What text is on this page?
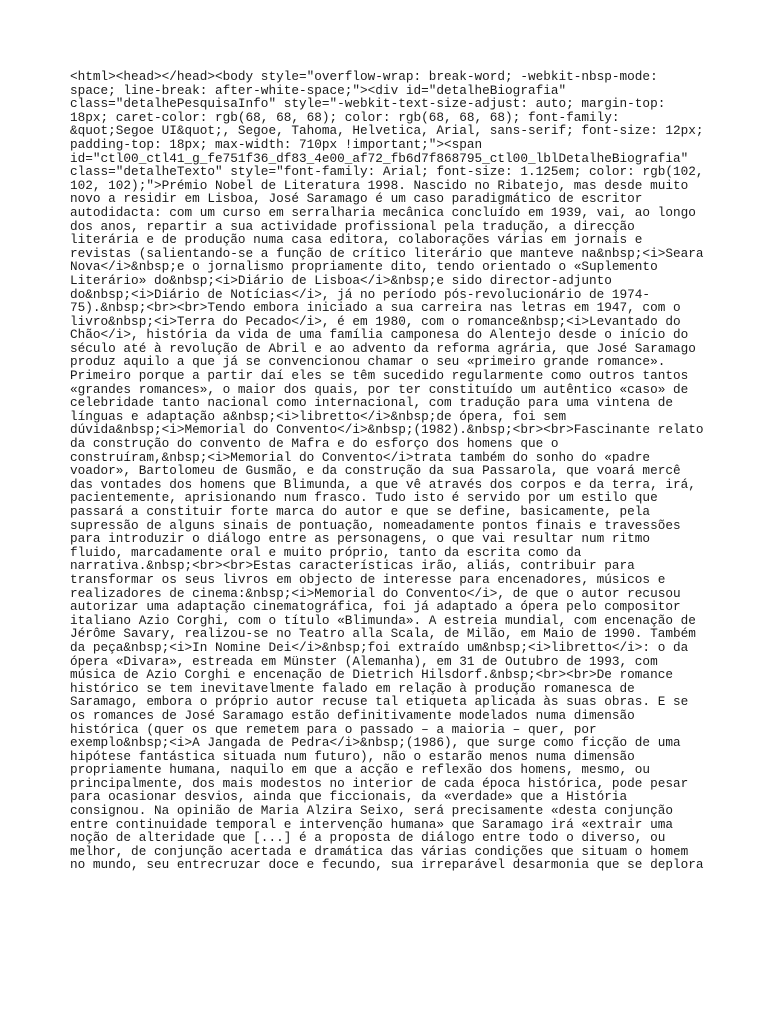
<html><head></head><body style="overflow-wrap: break-word; -webkit-nbsp-mode:
space; line-break: after-white-space;"><div id="detalheBiografia"
class="detalhePesquisaInfo" style="-webkit-text-size-adjust: auto; margin-top:
18px; caret-color: rgb(68, 68, 68); color: rgb(68, 68, 68); font-family:
&quot;Segoe UI&quot;, Segoe, Tahoma, Helvetica, Arial, sans-serif; font-size: 12px;
padding-top: 18px; max-width: 710px !important;"><span
id="ctl00_ctl41_g_fe751f36_df83_4e00_af72_fb6d7f868795_ctl00_lblDetalheBiografia"
class="detalheTexto" style="font-family: Arial; font-size: 1.125em; color: rgb(102,
102, 102);">Prémio Nobel de Literatura 1998. Nascido no Ribatejo, mas desde muito
novo a residir em Lisboa, José Saramago é um caso paradigmático de escritor
autodidacta: com um curso em serralharia mecânica concluído em 1939, vai, ao longo
dos anos, repartir a sua actividade profissional pela tradução, a direcção
literária e de produção numa casa editora, colaborações várias em jornais e
revistas (salientando-se a função de crítico literário que manteve na&nbsp;<i>Seara
Nova</i>&nbsp;e o jornalismo propriamente dito, tendo orientado o «Suplemento
Literário» do&nbsp;<i>Diário de Lisboa</i>&nbsp;e sido director-adjunto
do&nbsp;<i>Diário de Notícias</i>, já no período pós-revolucionário de 1974-
75).&nbsp;<br><br>Tendo embora iniciado a sua carreira nas letras em 1947, com o
livro&nbsp;<i>Terra do Pecado</i>, é em 1980, com o romance&nbsp;<i>Levantado do
Chão</i>, história da vida de uma família camponesa do Alentejo desde o início do
século até à revolução de Abril e ao advento da reforma agrária, que José Saramago
produz aquilo a que já se convencionou chamar o seu «primeiro grande romance».
Primeiro porque a partir daí eles se têm sucedido regularmente como outros tantos
«grandes romances», o maior dos quais, por ter constituído um autêntico «caso» de
celebridade tanto nacional como internacional, com tradução para uma vintena de
línguas e adaptação a&nbsp;<i>libretto</i>&nbsp;de ópera, foi sem
dúvida&nbsp;<i>Memorial do Convento</i>&nbsp;(1982).&nbsp;<br><br>Fascinante relato
da construção do convento de Mafra e do esforço dos homens que o
construíram,&nbsp;<i>Memorial do Convento</i>trata também do sonho do «padre
voador», Bartolomeu de Gusmão, e da construção da sua Passarola, que voará mercê
das vontades dos homens que Blimunda, a que vê através dos corpos e da terra, irá,
pacientemente, aprisionando num frasco. Tudo isto é servido por um estilo que
passará a constituir forte marca do autor e que se define, basicamente, pela
supressão de alguns sinais de pontuação, nomeadamente pontos finais e travessões
para introduzir o diálogo entre as personagens, o que vai resultar num ritmo
fluido, marcadamente oral e muito próprio, tanto da escrita como da
narrativa.&nbsp;<br><br>Estas características irão, aliás, contribuir para
transformar os seus livros em objecto de interesse para encenadores, músicos e
realizadores de cinema:&nbsp;<i>Memorial do Convento</i>, de que o autor recusou
autorizar uma adaptação cinematográfica, foi já adaptado a ópera pelo compositor
italiano Azio Corghi, com o título «Blimunda». A estreia mundial, com encenação de
Jérôme Savary, realizou-se no Teatro alla Scala, de Milão, em Maio de 1990. Também
da peça&nbsp;<i>In Nomine Dei</i>&nbsp;foi extraído um&nbsp;<i>libretto</i>: o da
ópera «Divara», estreada em Münster (Alemanha), em 31 de Outubro de 1993, com
música de Azio Corghi e encenação de Dietrich Hilsdorf.&nbsp;<br><br>De romance
histórico se tem inevitavelmente falado em relação à produção romanesca de
Saramago, embora o próprio autor recuse tal etiqueta aplicada às suas obras. E se
os romances de José Saramago estão definitivamente modelados numa dimensão
histórica (quer os que remetem para o passado – a maioria – quer, por
exemplo&nbsp;<i>A Jangada de Pedra</i>&nbsp;(1986), que surge como ficção de uma
hipótese fantástica situada num futuro), não o estarão menos numa dimensão
propriamente humana, naquilo em que a acção e reflexão dos homens, mesmo, ou
principalmente, dos mais modestos no interior de cada época histórica, pode pesar
para ocasionar desvios, ainda que ficcionais, da «verdade» que a História
consignou. Na opinião de Maria Alzira Seixo, será precisamente «desta conjunção
entre continuidade temporal e intervenção humana» que Saramago irá «extrair uma
noção de alteridade que [...] é a proposta de diálogo entre todo o diverso, ou
melhor, de conjunção acertada e dramática das várias condições que situam o homem
no mundo, seu entrecruzar doce e fecundo, sua irreparável desarmonia que se deplora
